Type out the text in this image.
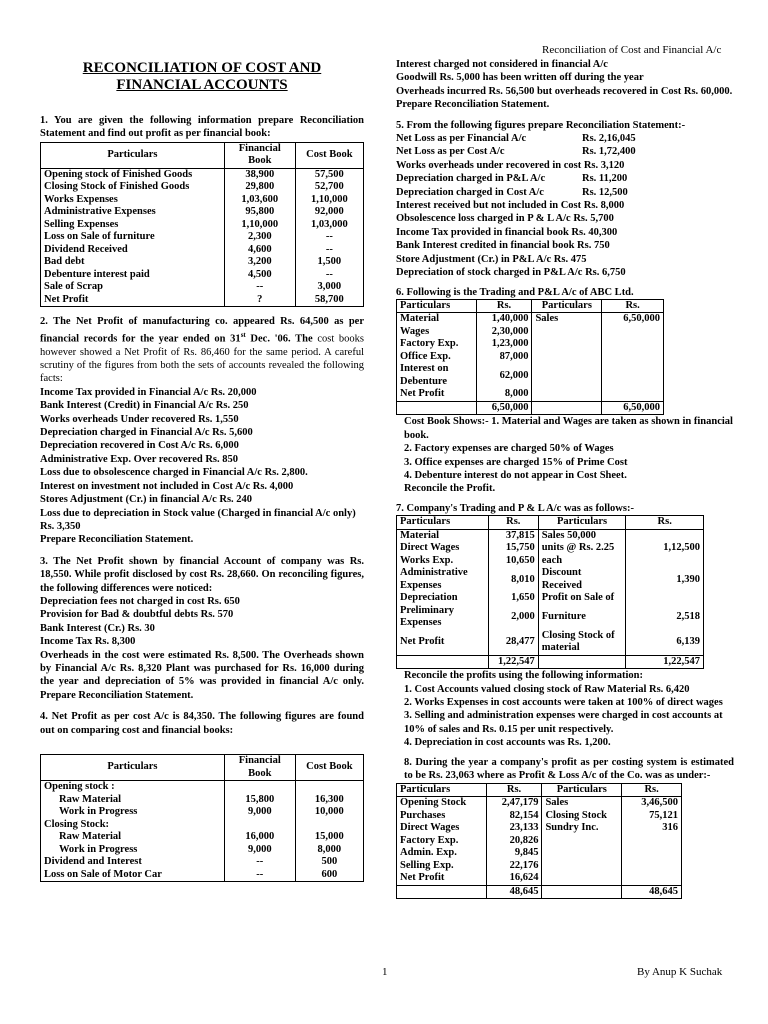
Reconciliation of Cost and Financial A/c
RECONCILIATION OF COST AND
FINANCIAL ACCOUNTS

1. You are given the following information prepare Reconciliation Statement and find out profit as per financial book:

Particulars	Financial Book	Cost Book
Opening stock of Finished Goods	38,900	57,500
Closing Stock of Finished Goods	29,800	52,700
Works Expenses	1,03,600	1,10,000
Administrative Expenses	95,800	92,000
Selling Expenses	1,10,000	1,03,000
Loss on Sale of furniture	2,300	--
Dividend Received	4,600	--
Bad debt	3,200	1,500
Debenture interest paid	4,500	--
Sale of Scrap	--	3,000
Net Profit	?	58,700

2. The Net Profit of manufacturing co. appeared Rs. 64,500 as per financial records for the year ended on 31st Dec. '06. The cost books however showed a Net Profit of Rs. 86,460 for the same period. A careful scrutiny of the figures from both the sets of accounts revealed the following facts:

Income Tax provided in Financial A/c Rs. 20,000

Bank Interest (Credit) in Financial A/c Rs. 250

Works overheads Under recovered Rs. 1,550

Depreciation charged in Financial A/c Rs. 5,600

Depreciation recovered in Cost A/c Rs. 6,000

Administrative Exp. Over recovered Rs. 850

Loss due to obsolescence charged in Financial A/c Rs. 2,800.

Interest on investment not included in Cost A/c Rs. 4,000

Stores Adjustment (Cr.) in financial A/c Rs. 240

Loss due to depreciation in Stock value (Charged in financial A/c only) Rs. 3,350

Prepare Reconciliation Statement.

3. The Net Profit shown by financial Account of company was Rs. 18,550. While profit disclosed by cost Rs. 28,660. On reconciling figures, the following differences were noticed:

Depreciation fees not charged in cost Rs. 650

Provision for Bad & doubtful debts Rs. 570

Bank Interest (Cr.) Rs. 30

Income Tax Rs. 8,300

Overheads in the cost were estimated Rs. 8,500. The Overheads shown by Financial A/c Rs. 8,320 Plant was purchased for Rs. 16,000 during the year and depreciation of 5% was provided in financial A/c only. Prepare Reconciliation Statement.

4. Net Profit as per cost A/c is 84,350. The following figures are found out on comparing cost and financial books:

Particulars	Financial Book	Cost Book
Opening stock :		
Raw Material	15,800	16,300
Work in Progress	9,000	10,000
Closing Stock:		
Raw Material	16,000	15,000
Work in Progress	9,000	8,000
Dividend and Interest	--	500
Loss on Sale of Motor Car	--	600

Interest charged not considered in financial A/c

Goodwill Rs. 5,000 has been written off during the year

Overheads incurred Rs. 56,500 but overheads recovered in Cost Rs. 60,000.

Prepare Reconciliation Statement.

5. From the following figures prepare Reconciliation Statement:-

Net Loss as per Financial A/c	Rs. 2,16,045
Net Loss as per Cost A/c	Rs. 1,72,400

Works overheads under recovered in cost Rs. 3,120

Depreciation charged in P&L A/c	Rs. 11,200
Depreciation charged in Cost A/c	Rs. 12,500

Interest received but not included in Cost Rs. 8,000

Obsolescence loss charged in P & L A/c Rs. 5,700

Income Tax provided in financial book Rs. 40,300

Bank Interest credited in financial book Rs. 750

Store Adjustment (Cr.) in P&L A/c Rs. 475

Depreciation of stock charged in P&L A/c Rs. 6,750

6. Following is the Trading and P&L A/c of ABC Ltd.

Particulars	Rs.	Particulars	Rs.
Material	1,40,000	Sales	6,50,000
Wages	2,30,000		
Factory Exp.	1,23,000		
Office Exp.	87,000		
Interest on Debenture	62,000		
Net Profit	8,000		
	6,50,000		6,50,000

Cost Book Shows:- 1. Material and Wages are taken as shown in financial book.

2. Factory expenses are charged 50% of Wages

3. Office expenses are charged 15% of Prime Cost

4. Debenture interest do not appear in Cost Sheet.

Reconcile the Profit.

7. Company's Trading and P & L A/c was as follows:-

Particulars	Rs.	Particulars	Rs.
Material	37,815	Sales 50,000	
Direct Wages	15,750	units @ Rs. 2.25	1,12,500
Works Exp.	10,650	each	
Administrative Expenses	8,010	Discount Received	1,390
Depreciation	1,650	Profit on Sale of	
Preliminary Expenses	2,000	Furniture	2,518
Net Profit	28,477	Closing Stock of material	6,139
	1,22,547		1,22,547

Reconcile the profits using the following information:

1. Cost Accounts valued closing stock of Raw Material Rs. 6,420

2. Works Expenses in cost accounts were taken at 100% of direct wages

3. Selling and administration expenses were charged in cost accounts at 10% of sales and Rs. 0.15 per unit respectively.

4. Depreciation in cost accounts was Rs. 1,200.

8. During the year a company's profit as per costing system is estimated to be Rs. 23,063 where as Profit & Loss A/c of the Co. was as under:-

Particulars	Rs.	Particulars	Rs.
Opening Stock	2,47,179	Sales	3,46,500
Purchases	82,154	Closing Stock	75,121
Direct Wages	23,133	Sundry Inc.	316
Factory Exp.	20,826		
Admin. Exp.	9,845		
Selling Exp.	22,176		
Net Profit	16,624		
	48,645		48,645
1	By Anup K Suchak
